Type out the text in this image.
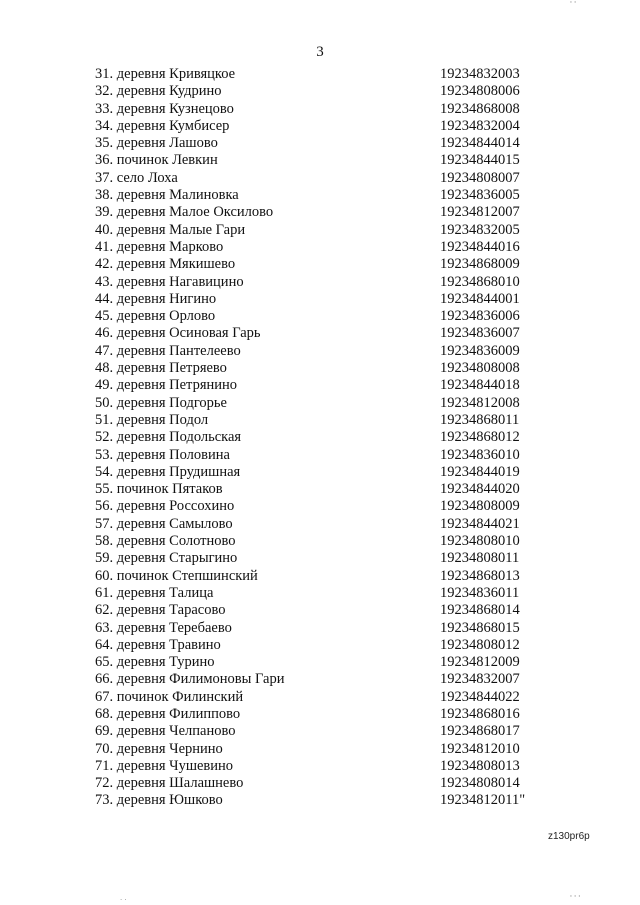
' '
3
31. деревня Кривяцкое	19234832003
32. деревня Кудрино	19234808006
33. деревня Кузнецово	19234868008
34. деревня Кумбисер	19234832004
35. деревня Лашово	19234844014
36. починок Левкин	19234844015
37. село Лоха	19234808007
38. деревня Малиновка	19234836005
39. деревня Малое Оксилово	19234812007
40. деревня Малые Гари	19234832005
41. деревня Марково	19234844016
42. деревня Мякишево	19234868009
43. деревня Нагавицино	19234868010
44. деревня Нигино	19234844001
45. деревня Орлово	19234836006
46. деревня Осиновая Гарь	19234836007
47. деревня Пантелеево	19234836009
48. деревня Петряево	19234808008
49. деревня Петрянино	19234844018
50. деревня Подгорье	19234812008
51. деревня Подол	19234868011
52. деревня Подольская	19234868012
53. деревня Половина	19234836010
54. деревня Прудишная	19234844019
55. починок Пятаков	19234844020
56. деревня Россохино	19234808009
57. деревня Самылово	19234844021
58. деревня Солотново	19234808010
59. деревня Старыгино	19234808011
60. починок Степшинский	19234868013
61. деревня Талица	19234836011
62. деревня Тарасово	19234868014
63. деревня Теребаево	19234868015
64. деревня Травино	19234808012
65. деревня Турино	19234812009
66. деревня Филимоновы Гари	19234832007
67. починок Филинский	19234844022
68. деревня Филиппово	19234868016
69. деревня Челпаново	19234868017
70. деревня Чернино	19234812010
71. деревня Чушевино	19234808013
72. деревня Шалашнево	19234808014
73. деревня Юшково	19234812011"
z130pr6p
. .	' ' '
